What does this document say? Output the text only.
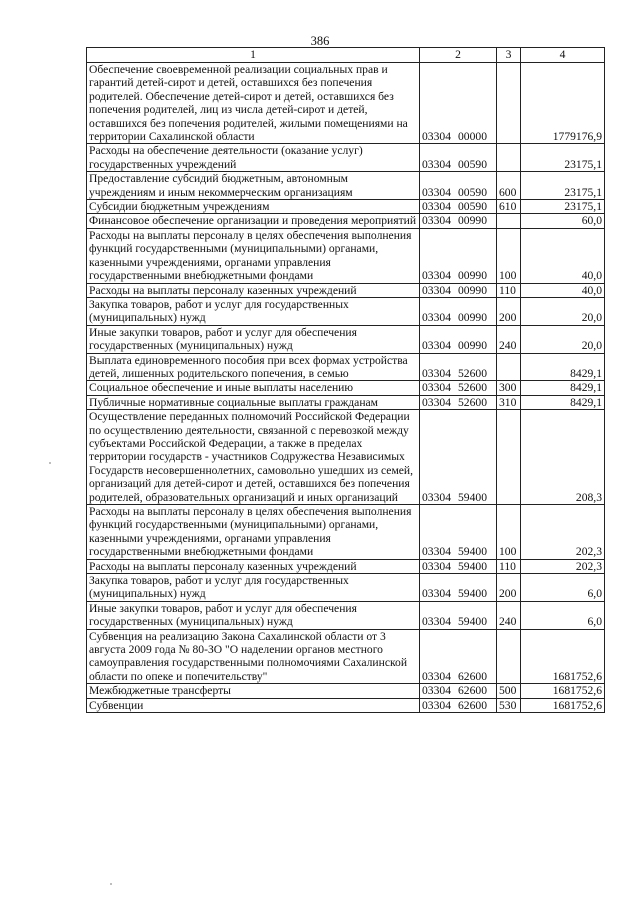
386
1	2	3	4
Обеспечение своевременной реализации социальных прав и гарантий детей-сирот и детей, оставшихся без попечения родителей. Обеспечение детей-сирот и детей, оставшихся без попечения родителей, лиц из числа детей-сирот и детей, оставшихся без попечения родителей, жилыми помещениями на территории Сахалинской области	03304 00000		1779176,9
Расходы на обеспечение деятельности (оказание услуг) государственных учреждений	03304 00590		23175,1
Предоставление субсидий бюджетным, автономным учреждениям и иным некоммерческим организациям	03304 00590	600	23175,1
Субсидии бюджетным учреждениям	03304 00590	610	23175,1
Финансовое обеспечение организации и проведения мероприятий	03304 00990		60,0
Расходы на выплаты персоналу в целях обеспечения выполнения функций государственными (муниципальными) органами, казенными учреждениями, органами управления государственными внебюджетными фондами	03304 00990	100	40,0
Расходы на выплаты персоналу казенных учреждений	03304 00990	110	40,0
Закупка товаров, работ и услуг для государственных (муниципальных) нужд	03304 00990	200	20,0
Иные закупки товаров, работ и услуг для обеспечения государственных (муниципальных) нужд	03304 00990	240	20,0
Выплата единовременного пособия при всех формах устройства детей, лишенных родительского попечения, в семью	03304 52600		8429,1
Социальное обеспечение и иные выплаты населению	03304 52600	300	8429,1
Публичные нормативные социальные выплаты гражданам	03304 52600	310	8429,1
Осуществление переданных полномочий Российской Федерации по осуществлению деятельности, связанной с перевозкой между субъектами Российской Федерации, а также в пределах территории государств - участников Содружества Независимых Государств несовершеннолетних, самовольно ушедших из семей, организаций для детей-сирот и детей, оставшихся без попечения родителей, образовательных организаций и иных организаций	03304 59400		208,3
Расходы на выплаты персоналу в целях обеспечения выполнения функций государственными (муниципальными) органами, казенными учреждениями, органами управления государственными внебюджетными фондами	03304 59400	100	202,3
Расходы на выплаты персоналу казенных учреждений	03304 59400	110	202,3
Закупка товаров, работ и услуг для государственных (муниципальных) нужд	03304 59400	200	6,0
Иные закупки товаров, работ и услуг для обеспечения государственных (муниципальных) нужд	03304 59400	240	6,0
Субвенция на реализацию Закона Сахалинской области от 3 августа 2009 года № 80-ЗО "О наделении органов местного самоуправления государственными полномочиями Сахалинской области по опеке и попечительству"	03304 62600		1681752,6
Межбюджетные трансферты	03304 62600	500	1681752,6
Субвенции	03304 62600	530	1681752,6
